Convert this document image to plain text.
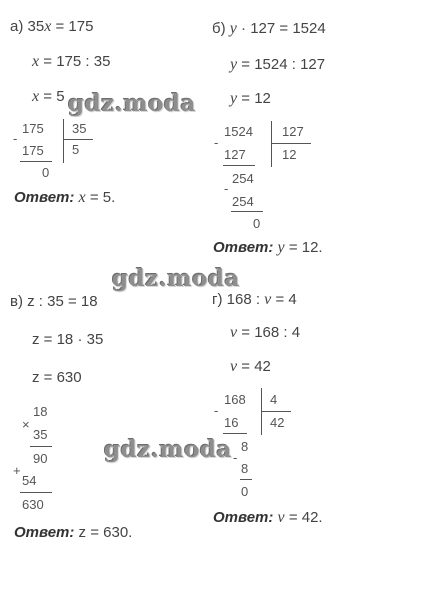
а) 35x = 175
x = 175 : 35
x = 5
175 35
-
175 5
0
Ответ: x = 5.
б) y · 127 = 1524
y = 1524 : 127
y = 12
1524 127
-
127	12
254
-
254
0
Ответ: y = 12.
в) z : 35 = 18
z = 18 · 35
z = 630
18
×
35
90
+
54
630
Ответ: z = 630.
г) 168 : v = 4
v = 168 : 4
v = 42
168 4
-
16 42
8
-
8
0
Ответ: v = 42.
gdz.moda
gdz.moda
gdz.moda
